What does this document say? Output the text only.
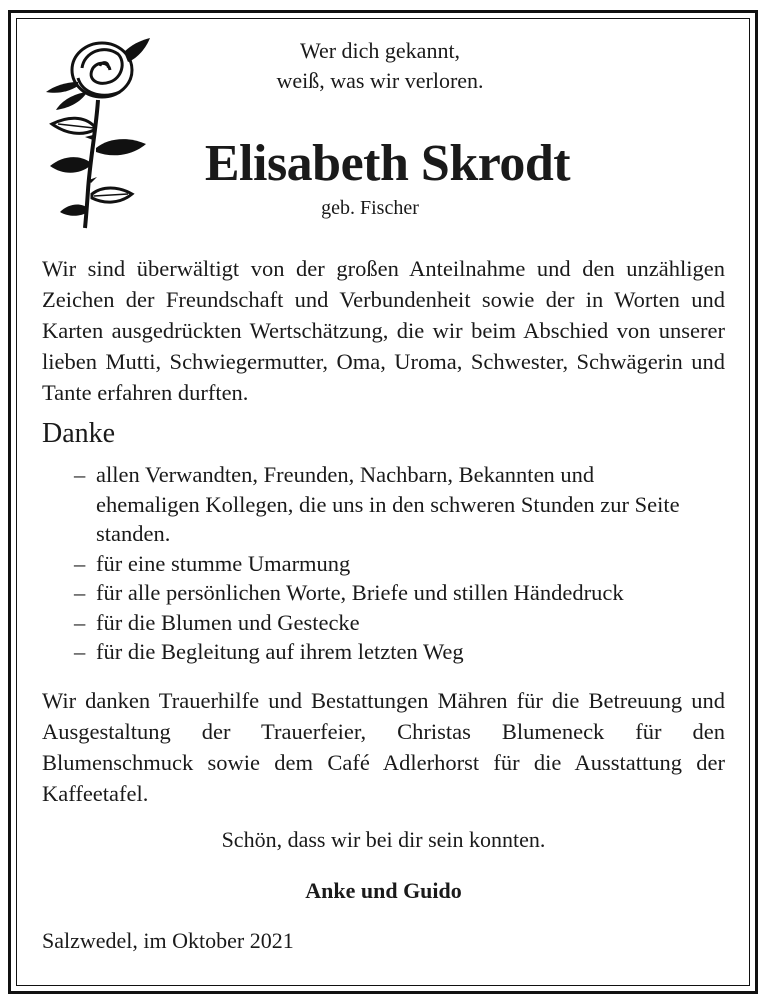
Wer dich gekannt,
weiß, was wir verloren.
Elisabeth Skrodt
geb. Fischer
Wir sind überwältigt von der großen Anteilnahme und den unzähligen Zeichen der Freundschaft und Verbundenheit sowie der in Worten und Karten ausgedrückten Wertschätzung, die wir beim Abschied von unserer lieben Mutti, Schwiegermutter, Oma, Uroma, Schwester, Schwägerin und Tante erfahren durften.
Danke
– allen Verwandten, Freunden, Nachbarn, Bekannten und ehemaligen Kollegen, die uns in den schweren Stunden zur Seite standen.
– für eine stumme Umarmung
– für alle persönlichen Worte, Briefe und stillen Händedruck
– für die Blumen und Gestecke
– für die Begleitung auf ihrem letzten Weg
Wir danken Trauerhilfe und Bestattungen Mähren für die Betreuung und Ausgestaltung der Trauerfeier, Christas Blumeneck für den Blumenschmuck sowie dem Café Adlerhorst für die Ausstattung der Kaffeetafel.
Schön, dass wir bei dir sein konnten.
Anke und Guido
Salzwedel, im Oktober 2021
